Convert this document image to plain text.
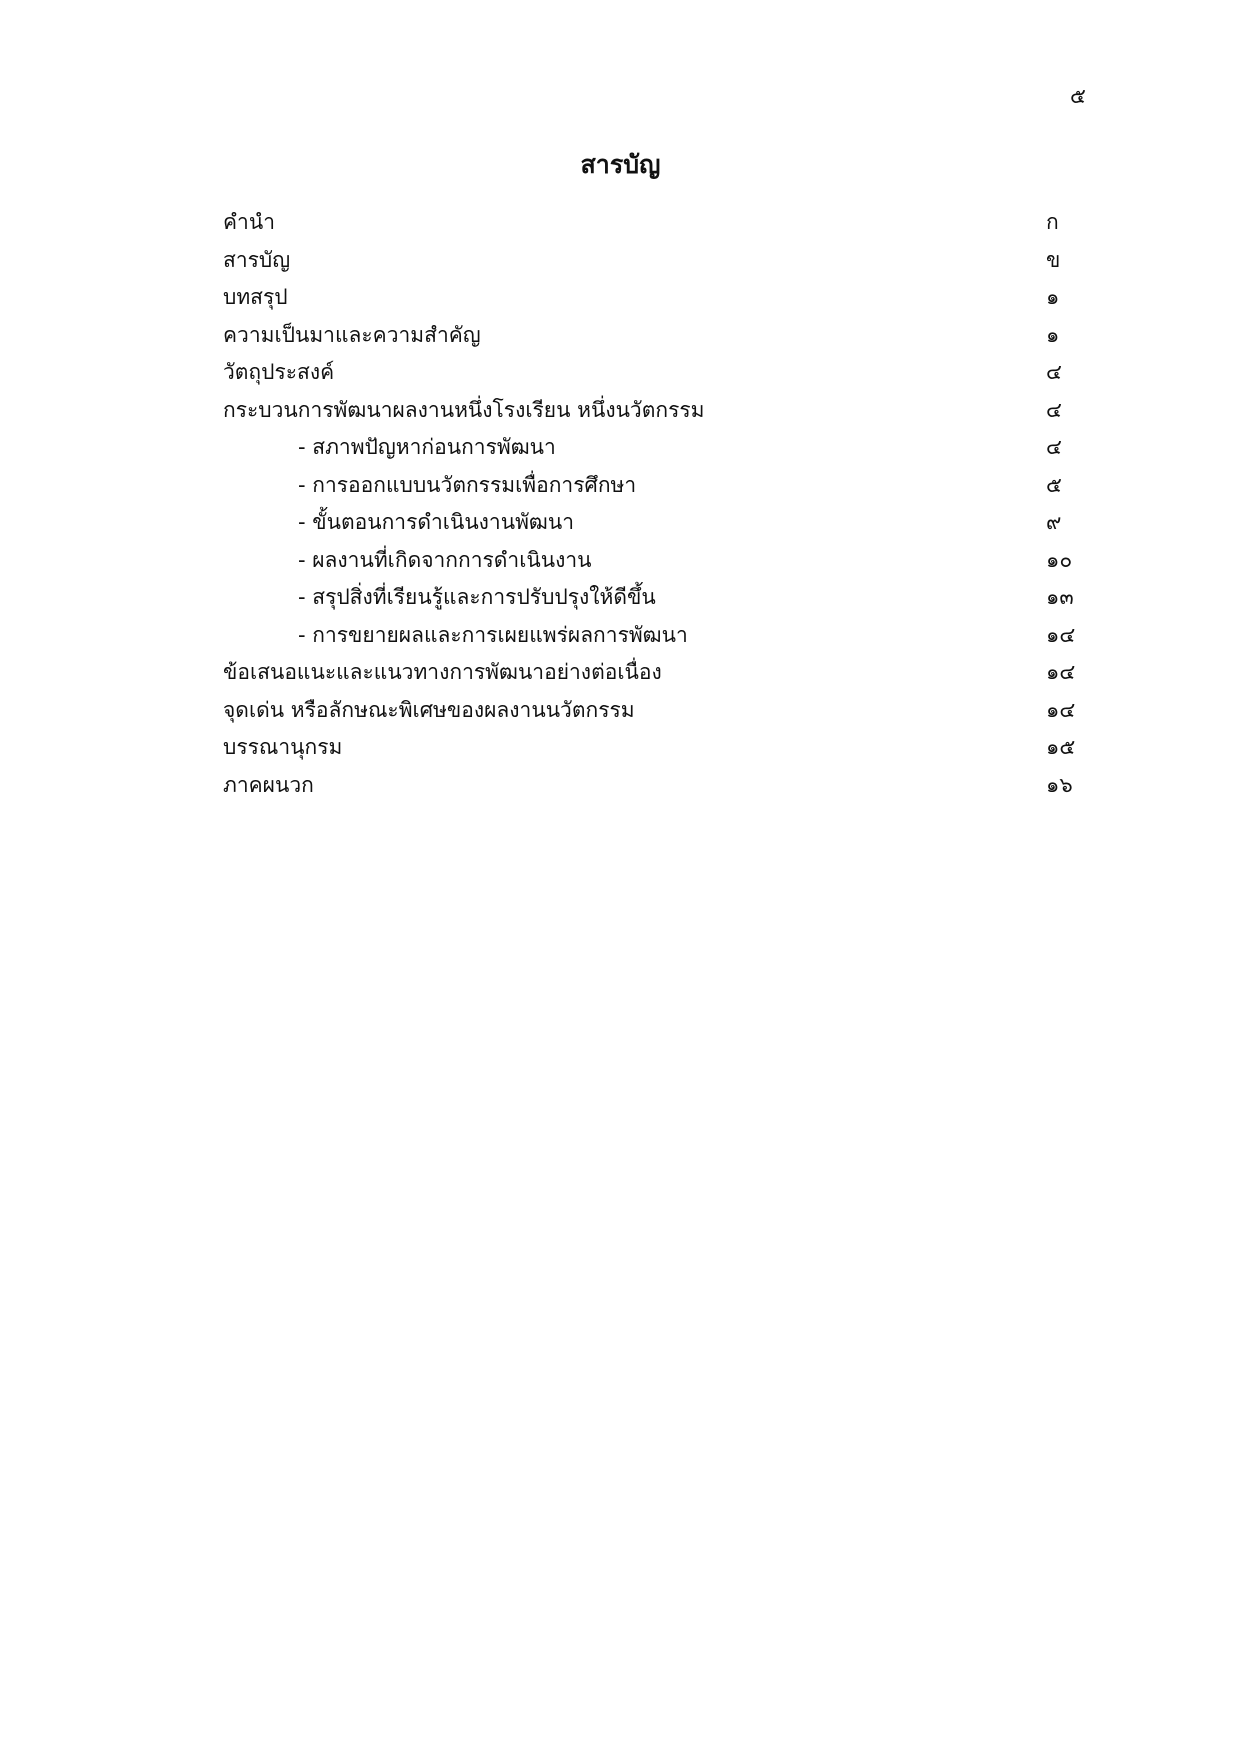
๕
สารบัญ
คำนำ	ก
สารบัญ	ข
บทสรุป	๑
ความเป็นมาและความสำคัญ	๑
วัตถุประสงค์	๔
กระบวนการพัฒนาผลงานหนึ่งโรงเรียน หนึ่งนวัตกรรม	๔
- สภาพปัญหาก่อนการพัฒนา	๔
- การออกแบบนวัตกรรมเพื่อการศึกษา	๕
- ขั้นตอนการดำเนินงานพัฒนา	๙
- ผลงานที่เกิดจากการดำเนินงาน	๑๐
- สรุปสิ่งที่เรียนรู้และการปรับปรุงให้ดีขึ้น	๑๓
- การขยายผลและการเผยแพร่ผลการพัฒนา	๑๔
ข้อเสนอแนะและแนวทางการพัฒนาอย่างต่อเนื่อง	๑๔
จุดเด่น หรือลักษณะพิเศษของผลงานนวัตกรรม	๑๔
บรรณานุกรม	๑๕
ภาคผนวก	๑๖
